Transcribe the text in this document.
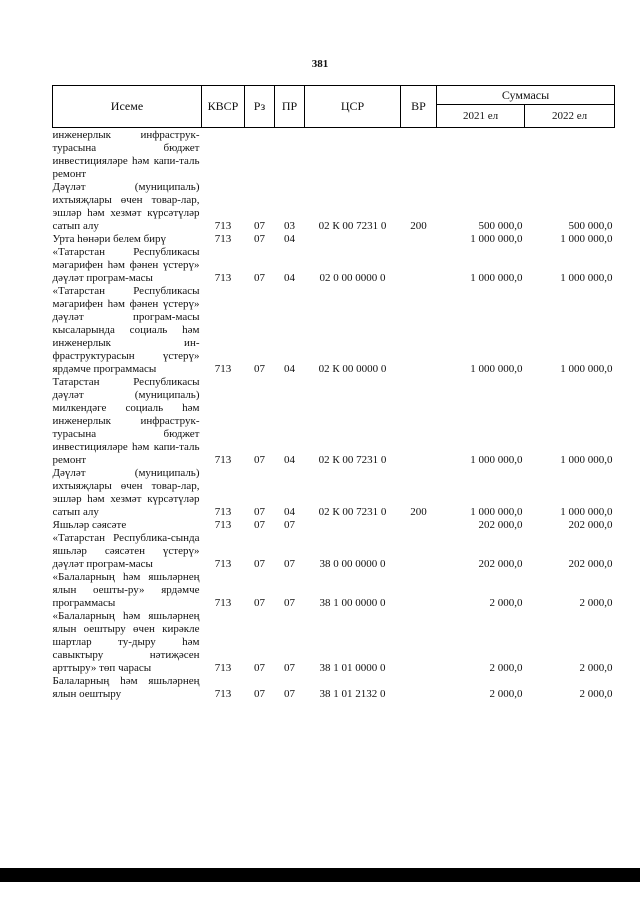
381
Исеме	КВСР	Рз	ПР	ЦСР	ВР	Суммасы	
						2021 ел	2022 ел
инженерлык инфраструк-турасына бюджет инвестицияләре һәм капи-таль ремонт							
Дәүләт (муниципаль) ихтыяҗлары өчен товар-лар, эшләр һәм хезмәт күрсәтүләр сатып алу	713	07	03	02 К 00 7231 0	200	500 000,0	500 000,0
Урта һөнәри белем бирү	713	07	04			1 000 000,0	1 000 000,0
«Татарстан Республикасы мәгарифен һәм фәнен үстерү» дәүләт програм-масы	713	07	04	02 0 00 0000 0		1 000 000,0	1 000 000,0
«Татарстан Республикасы мәгарифен һәм фәнен үстерү» дәүләт програм-масы кысаларында социаль һәм инженерлык ин-фраструктурасын үстерү» ярдәмче программасы	713	07	04	02 К 00 0000 0		1 000 000,0	1 000 000,0
Татарстан Республикасы дәүләт (муниципаль) милкендәге социаль һәм инженерлык инфраструк-турасына бюджет инвестицияләре һәм капи-таль ремонт	713	07	04	02 К 00 7231 0		1 000 000,0	1 000 000,0
Дәүләт (муниципаль) ихтыяҗлары өчен товар-лар, эшләр һәм хезмәт күрсәтүләр сатып алу	713	07	04	02 К 00 7231 0	200	1 000 000,0	1 000 000,0
Яшьләр сәясәте	713	07	07			202 000,0	202 000,0
«Татарстан Республика-сында яшьләр сәясәтен үстерү» дәүләт програм-масы	713	07	07	38 0 00 0000 0		202 000,0	202 000,0
«Балаларның һәм яшьләрнең ялын оешты-ру» ярдәмче программасы	713	07	07	38 1 00 0000 0		2 000,0	2 000,0
«Балаларның һәм яшьләрнең ялын оештыру өчен кирәкле шартлар ту-дыру һәм савыктыру нәтиҗәсен арттыру» төп чарасы	713	07	07	38 1 01 0000 0		2 000,0	2 000,0
Балаларның һәм яшьләрнең ялын оештыру	713	07	07	38 1 01 2132 0		2 000,0	2 000,0
